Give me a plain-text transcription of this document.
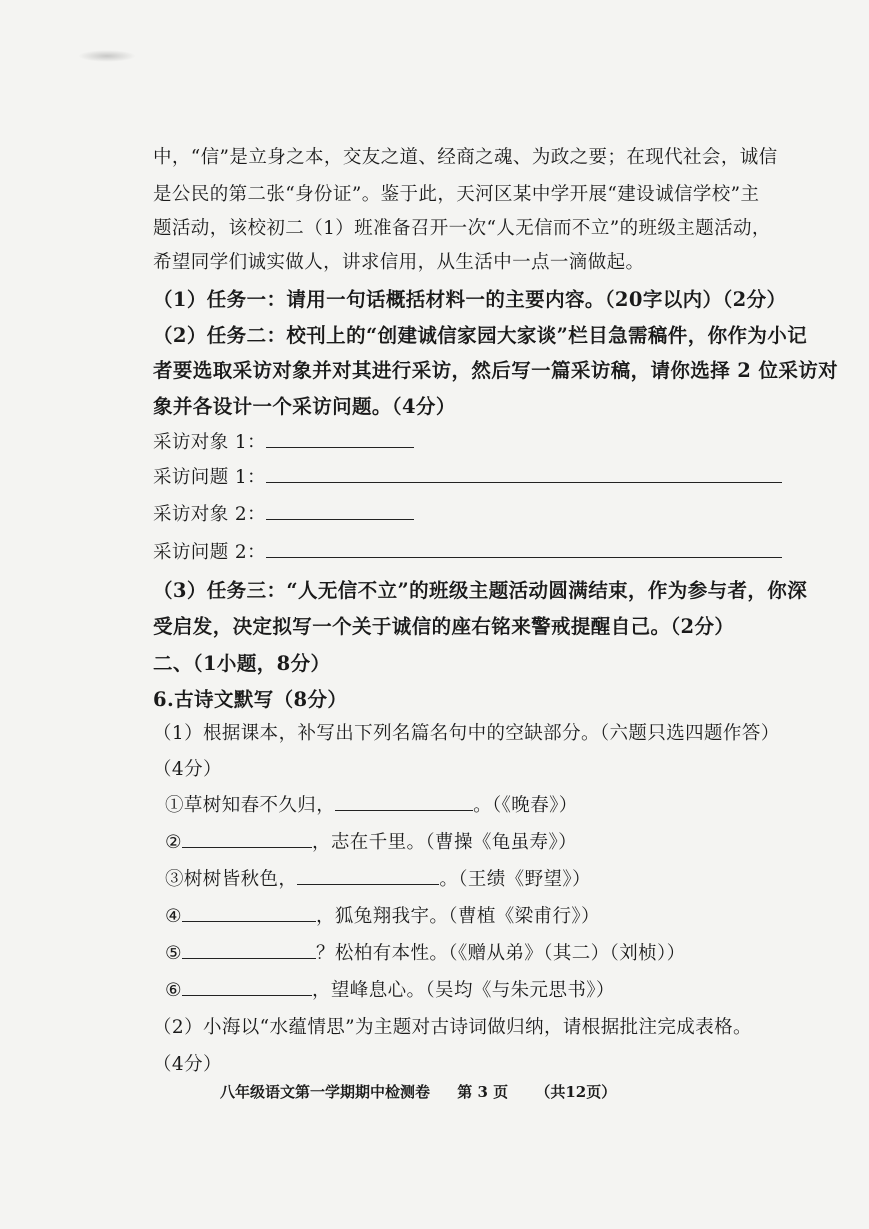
中，“信”是立身之本，交友之道、经商之魂、为政之要；在现代社会，诚信
是公民的第二张“身份证”。鉴于此，天河区某中学开展“建设诚信学校”主
题活动，该校初二（1）班准备召开一次“人无信而不立”的班级主题活动，
希望同学们诚实做人，讲求信用，从生活中一点一滴做起。
（1）任务一：请用一句话概括材料一的主要内容。（20字以内）（2分）
（2）任务二：校刊上的“创建诚信家园大家谈”栏目急需稿件，你作为小记
者要选取采访对象并对其进行采访，然后写一篇采访稿，请你选择 2 位采访对
象并各设计一个采访问题。（4分）
采访对象 1：
采访问题 1：
采访对象 2：
采访问题 2：
（3）任务三：“人无信不立”的班级主题活动圆满结束，作为参与者，你深
受启发，决定拟写一个关于诚信的座右铭来警戒提醒自己。（2分）
二、（1小题，8分）
6.古诗文默写（8分）
（1）根据课本，补写出下列名篇名句中的空缺部分。（六题只选四题作答）
（4分）
①草树知春不久归，	。（《晚春》）
②	，志在千里。（曹操《龟虽寿》）
③树树皆秋色，	。（王绩《野望》）
④	，狐兔翔我宇。（曹植《梁甫行》）
⑤	？松柏有本性。（《赠从弟》（其二）（刘桢））
⑥	，望峰息心。（吴均《与朱元思书》）
（2）小海以“水蕴情思”为主题对古诗词做归纳，请根据批注完成表格。
（4分）
八年级语文第一学期期中检测卷 第 3 页 （共12页）
